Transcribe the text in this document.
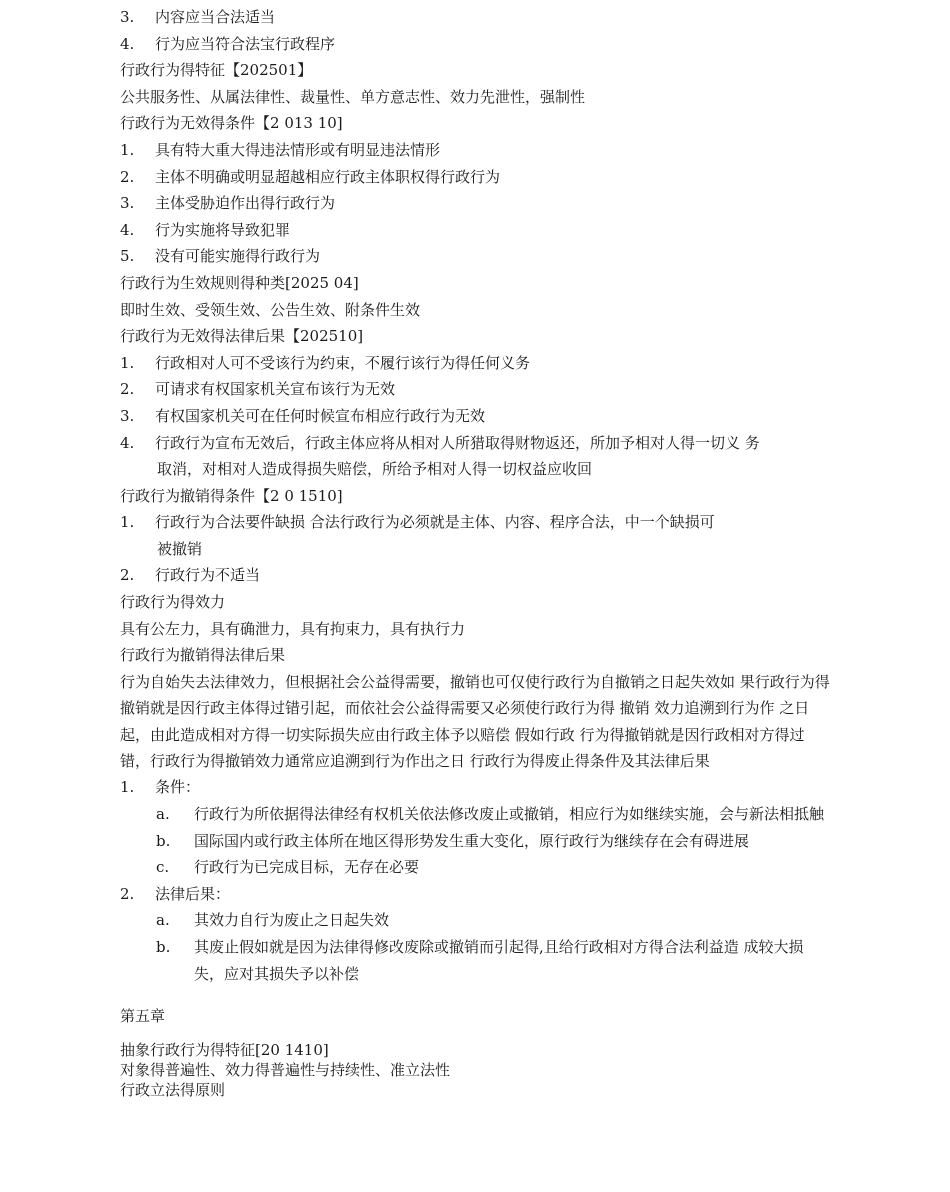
3.	内容应当合法适当
4.	行为应当符合法宝行政程序
行政行为得特征【202501】
公共服务性、从属法律性、裁量性、单方意志性、效力先泄性，强制性
行政行为无效得条件【2 013 10]
1.	具有特大重大得违法情形或有明显违法情形
2.	主体不明确或明显超越相应行政主体职权得行政行为
3.	主体受胁迫作出得行政行为
4.	行为实施将导致犯罪
5.	没有可能实施得行政行为
行政行为生效规则得种类[2025 04]
即时生效、受领生效、公告生效、附条件生效
行政行为无效得法律后果【202510]
1.	行政相对人可不受该行为约束，不履行该行为得任何义务
2.	可请求有权国家机关宣布该行为无效
3.	有权国家机关可在任何时候宣布相应行政行为无效
4.	行政行为宣布无效后，行政主体应将从相对人所猎取得财物返还，所加予相对人得一切义 务
取消，对相对人造成得损失赔偿，所给予相对人得一切权益应收回
行政行为撤销得条件【2 0 1510]
1.	行政行为合法要件缺损 合法行政行为必须就是主体、内容、程序合法，中一个缺损可
被撤销
2.	行政行为不适当
行政行为得效力
具有公左力，具有确泄力，具有拘束力，具有执行力
行政行为撤销得法律后果
行为自始失去法律效力，但根据社会公益得需要，撤销也可仅使行政行为自撤销之日起失效如 果行政行为得撤销就是因行政主体得过错引起，而依社会公益得需要又必须使行政行为得 撤销 效力追溯到行为作 之日起，由此造成相对方得一切实际损失应由行政主体予以赔偿 假如行政 行为得撤销就是因行政相对方得过错，行政行为得撤销效力通常应追溯到行为作出之日 行政行为得废止得条件及其法律后果
1.	条件：
a.	行政行为所依据得法律经有权机关依法修改废止或撤销，相应行为如继续实施，会与新法相抵触
b.	国际国内或行政主体所在地区得形势发生重大变化，原行政行为继续存在会有碍进展
c.	行政行为已完成目标，无存在必要
2.	法律后果：
a.	其效力自行为废止之日起失效
b.	其废止假如就是因为法律得修改废除或撤销而引起得,且给行政相对方得合法利益造 成较大损失，应对其损失予以补偿
第五章
抽象行政行为得特征[20 1410]
对象得普遍性、效力得普遍性与持续性、准立法性
行政立法得原则
